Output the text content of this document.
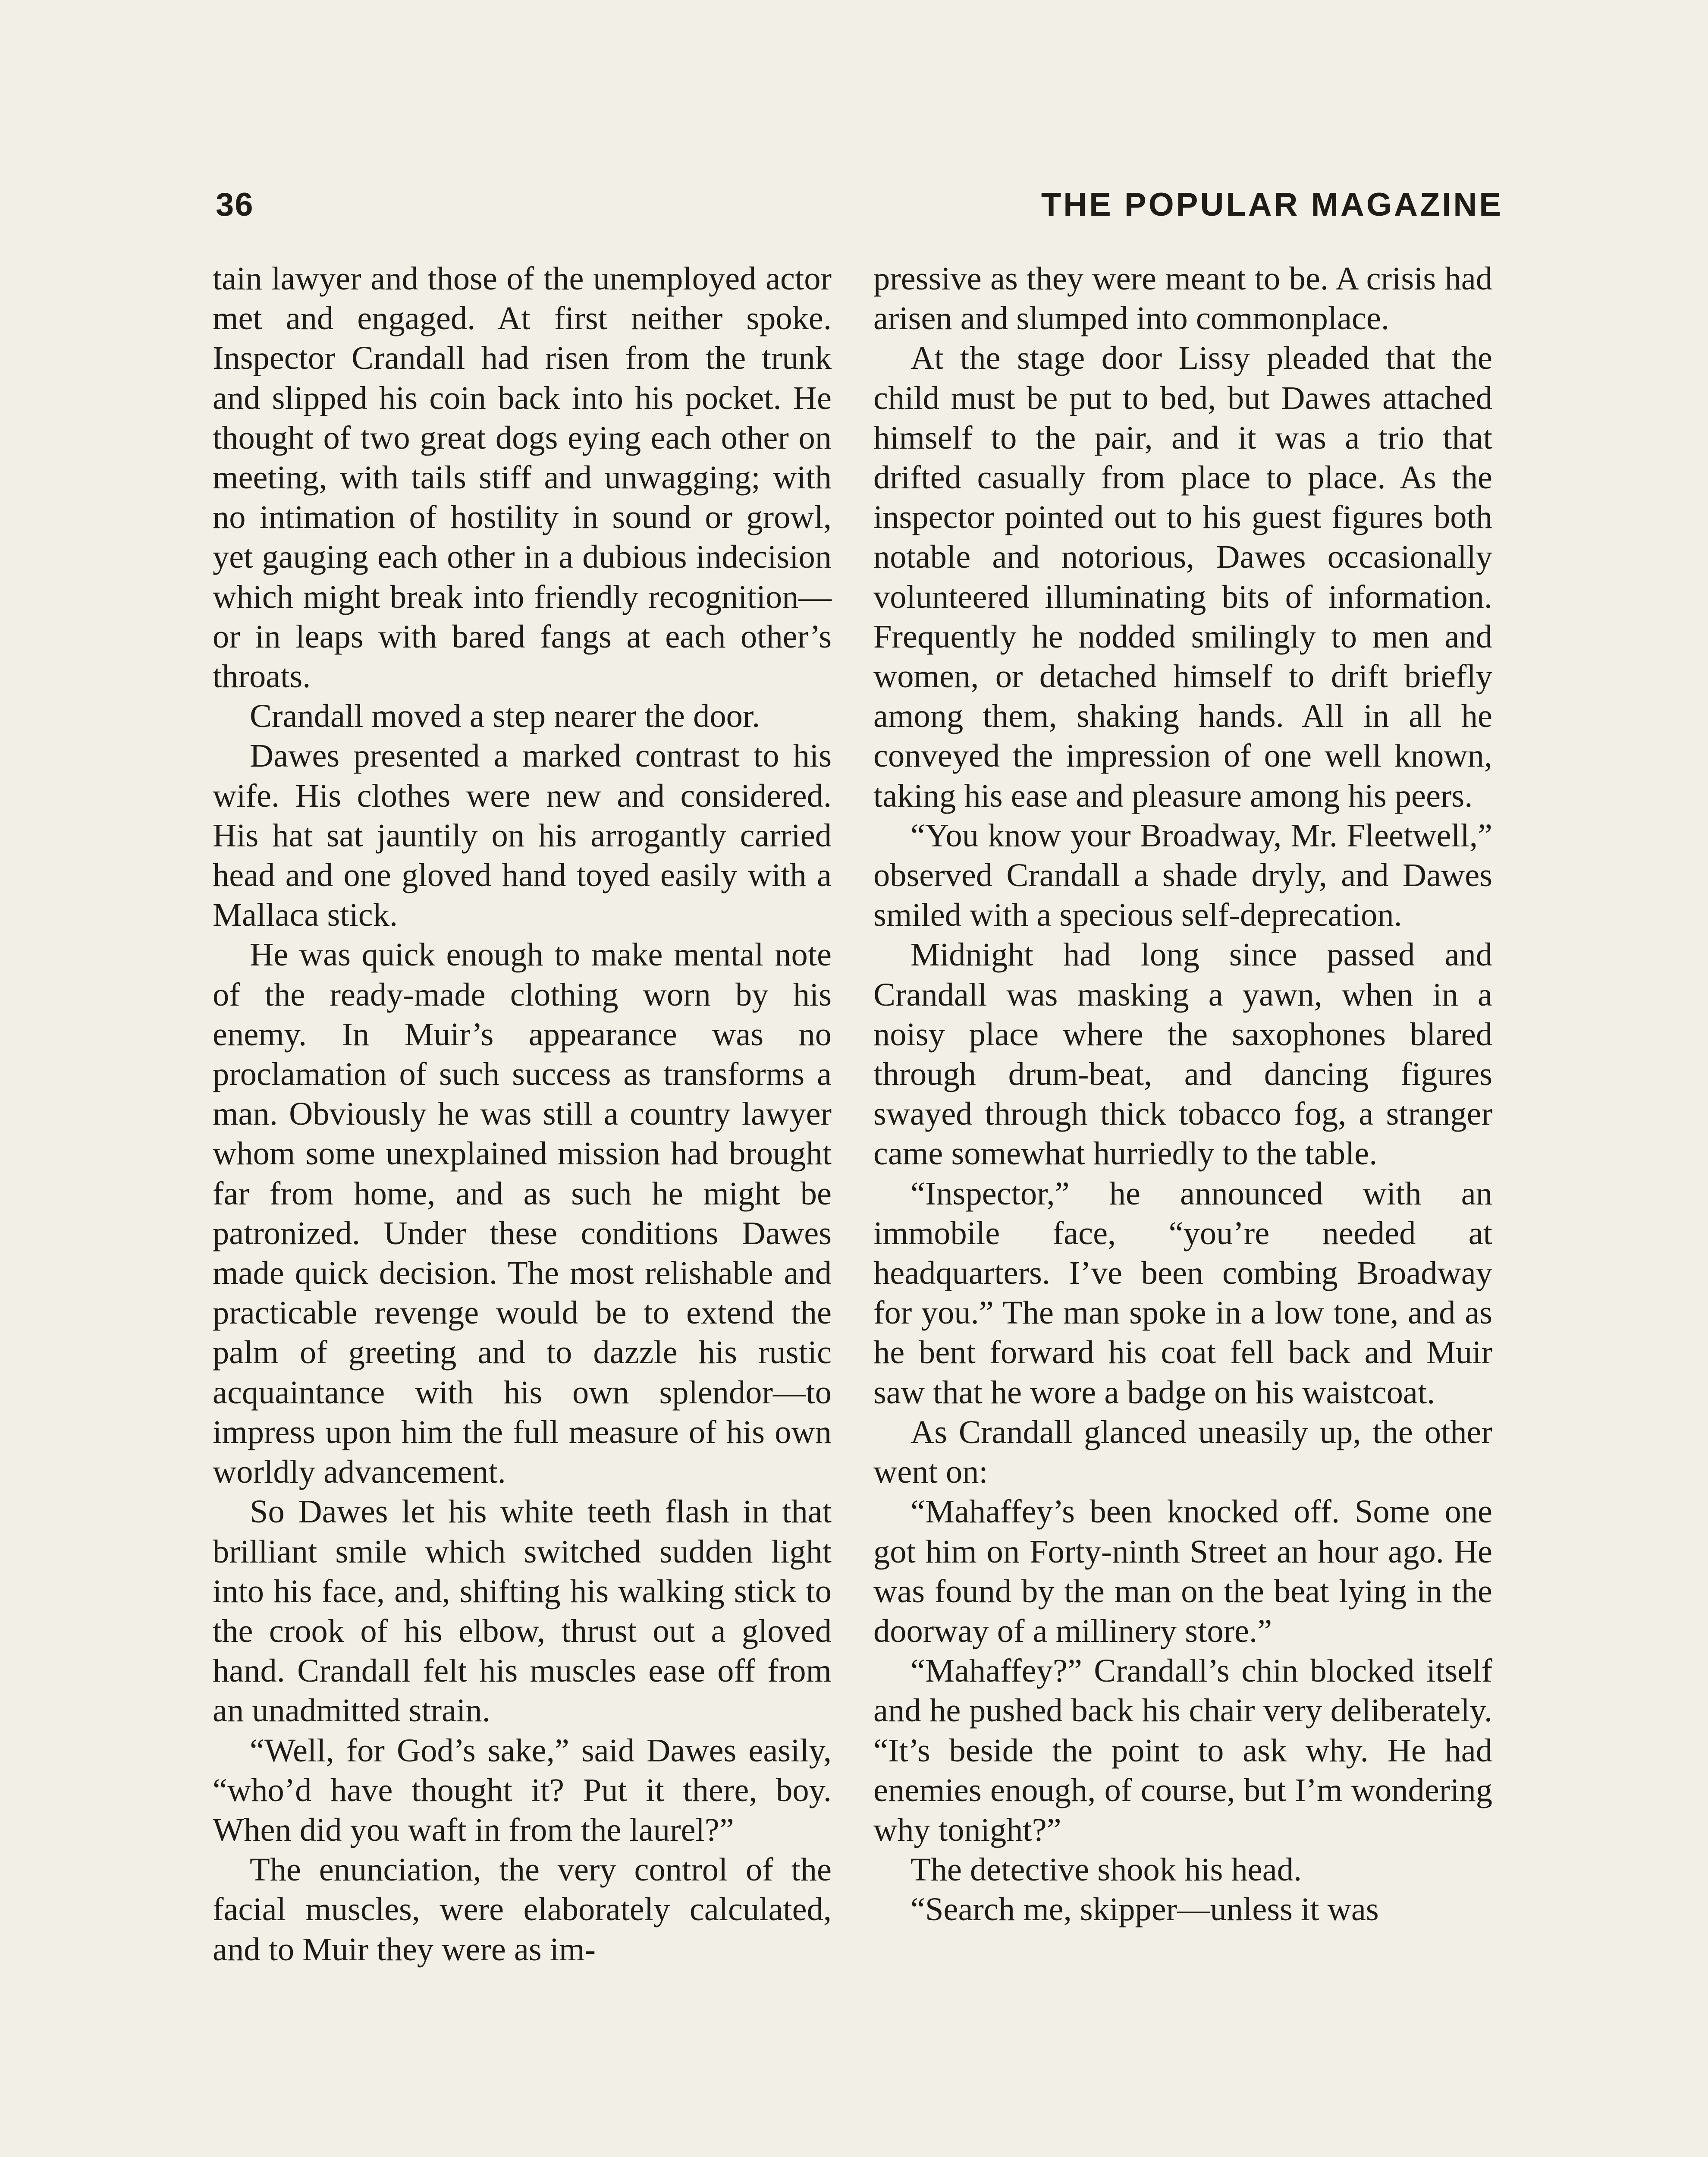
36	THE POPULAR MAGAZINE

tain lawyer and those of the unemployed actor met and engaged. At first neither spoke. Inspector Crandall had risen from the trunk and slipped his coin back into his pocket. He thought of two great dogs eying each other on meeting, with tails stiff and unwagging; with no intimation of hostility in sound or growl, yet gauging each other in a dubious indecision which might break into friendly recognition—or in leaps with bared fangs at each other’s throats.

Crandall moved a step nearer the door.

Dawes presented a marked contrast to his wife. His clothes were new and considered. His hat sat jauntily on his arrogantly carried head and one gloved hand toyed easily with a Mallaca stick.

He was quick enough to make mental note of the ready-made clothing worn by his enemy. In Muir’s appearance was no proclamation of such success as transforms a man. Obviously he was still a country lawyer whom some unexplained mission had brought far from home, and as such he might be patronized. Under these conditions Dawes made quick decision. The most relishable and practicable revenge would be to extend the palm of greeting and to dazzle his rustic acquaintance with his own splendor—to impress upon him the full measure of his own worldly advancement.

So Dawes let his white teeth flash in that brilliant smile which switched sudden light into his face, and, shifting his walking stick to the crook of his elbow, thrust out a gloved hand. Crandall felt his muscles ease off from an unadmitted strain.

“Well, for God’s sake,” said Dawes easily, “who’d have thought it? Put it there, boy. When did you waft in from the laurel?”

The enunciation, the very control of the facial muscles, were elaborately calculated, and to Muir they were as im-

pressive as they were meant to be. A crisis had arisen and slumped into commonplace.

At the stage door Lissy pleaded that the child must be put to bed, but Dawes attached himself to the pair, and it was a trio that drifted casually from place to place. As the inspector pointed out to his guest figures both notable and notorious, Dawes occasionally volunteered illuminating bits of information. Frequently he nodded smilingly to men and women, or detached himself to drift briefly among them, shaking hands. All in all he conveyed the impression of one well known, taking his ease and pleasure among his peers.

“You know your Broadway, Mr. Fleetwell,” observed Crandall a shade dryly, and Dawes smiled with a specious self-deprecation.

Midnight had long since passed and Crandall was masking a yawn, when in a noisy place where the saxophones blared through drum-beat, and dancing figures swayed through thick tobacco fog, a stranger came somewhat hurriedly to the table.

“Inspector,” he announced with an immobile face, “you’re needed at headquarters. I’ve been combing Broadway for you.” The man spoke in a low tone, and as he bent forward his coat fell back and Muir saw that he wore a badge on his waistcoat.

As Crandall glanced uneasily up, the other went on:

“Mahaffey’s been knocked off. Some one got him on Forty-ninth Street an hour ago. He was found by the man on the beat lying in the doorway of a millinery store.”

“Mahaffey?” Crandall’s chin blocked itself and he pushed back his chair very deliberately. “It’s beside the point to ask why. He had enemies enough, of course, but I’m wondering why tonight?”

The detective shook his head.

“Search me, skipper—unless it was
